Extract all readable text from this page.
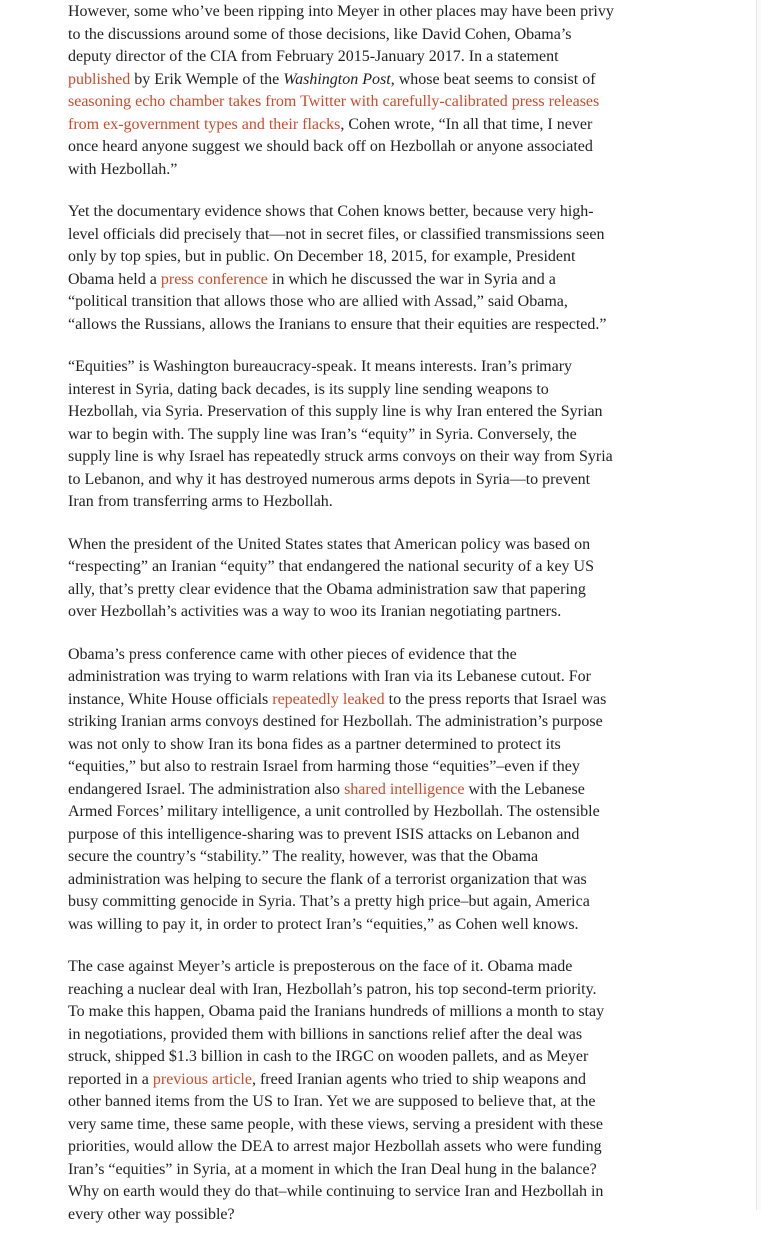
However, some who’ve been ripping into Meyer in other places may have been privy
to the discussions around some of those decisions, like David Cohen, Obama’s
deputy director of the CIA from February 2015-January 2017. In a statement
published by Erik Wemple of the Washington Post, whose beat seems to consist of
seasoning echo chamber takes from Twitter with carefully-calibrated press releases
from ex-government types and their flacks, Cohen wrote, “In all that time, I never
once heard anyone suggest we should back off on Hezbollah or anyone associated
with Hezbollah.”

Yet the documentary evidence shows that Cohen knows better, because very high-
level officials did precisely that—not in secret files, or classified transmissions seen
only by top spies, but in public. On December 18, 2015, for example, President
Obama held a press conference in which he discussed the war in Syria and a
“political transition that allows those who are allied with Assad,” said Obama,
“allows the Russians, allows the Iranians to ensure that their equities are respected.”

“Equities” is Washington bureaucracy-speak. It means interests. Iran’s primary
interest in Syria, dating back decades, is its supply line sending weapons to
Hezbollah, via Syria. Preservation of this supply line is why Iran entered the Syrian
war to begin with. The supply line was Iran’s “equity” in Syria. Conversely, the
supply line is why Israel has repeatedly struck arms convoys on their way from Syria
to Lebanon, and why it has destroyed numerous arms depots in Syria—to prevent
Iran from transferring arms to Hezbollah.

When the president of the United States states that American policy was based on
“respecting” an Iranian “equity” that endangered the national security of a key US
ally, that’s pretty clear evidence that the Obama administration saw that papering
over Hezbollah’s activities was a way to woo its Iranian negotiating partners.

Obama’s press conference came with other pieces of evidence that the
administration was trying to warm relations with Iran via its Lebanese cutout. For
instance, White House officials repeatedly leaked to the press reports that Israel was
striking Iranian arms convoys destined for Hezbollah. The administration’s purpose
was not only to show Iran its bona fides as a partner determined to protect its
“equities,” but also to restrain Israel from harming those “equities”–even if they
endangered Israel. The administration also shared intelligence with the Lebanese
Armed Forces’ military intelligence, a unit controlled by Hezbollah. The ostensible
purpose of this intelligence-sharing was to prevent ISIS attacks on Lebanon and
secure the country’s “stability.” The reality, however, was that the Obama
administration was helping to secure the flank of a terrorist organization that was
busy committing genocide in Syria. That’s a pretty high price–but again, America
was willing to pay it, in order to protect Iran’s “equities,” as Cohen well knows.

The case against Meyer’s article is preposterous on the face of it. Obama made
reaching a nuclear deal with Iran, Hezbollah’s patron, his top second-term priority.
To make this happen, Obama paid the Iranians hundreds of millions a month to stay
in negotiations, provided them with billions in sanctions relief after the deal was
struck, shipped $1.3 billion in cash to the IRGC on wooden pallets, and as Meyer
reported in a previous article, freed Iranian agents who tried to ship weapons and
other banned items from the US to Iran. Yet we are supposed to believe that, at the
very same time, these same people, with these views, serving a president with these
priorities, would allow the DEA to arrest major Hezbollah assets who were funding
Iran’s “equities” in Syria, at a moment in which the Iran Deal hung in the balance?
Why on earth would they do that–while continuing to service Iran and Hezbollah in
every other way possible?
